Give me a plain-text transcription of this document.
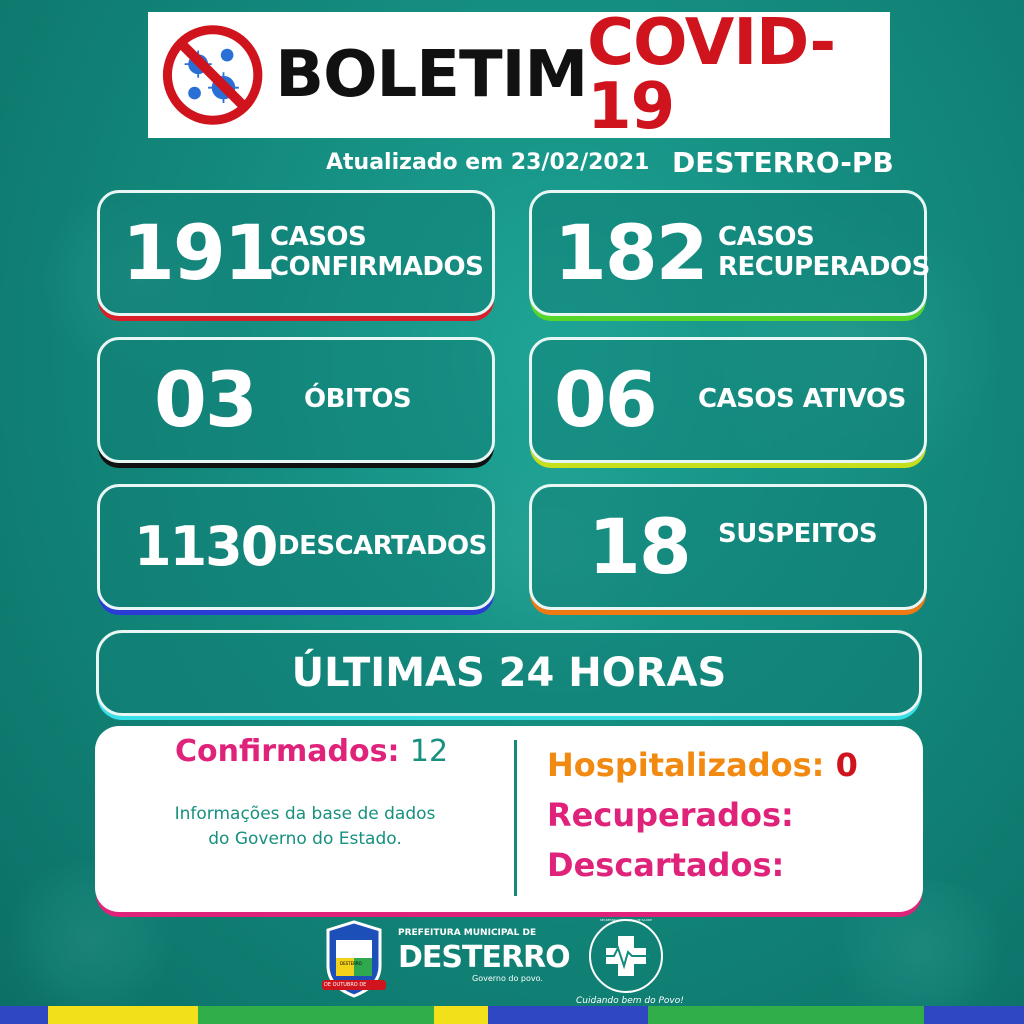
BOLETIM COVID-19
Atualizado em 23/02/2021 DESTERRO-PB
191
CASOS
CONFIRMADOS 182 CASOS
RECUPERADOS
03	ÓBITOS 06	CASOS ATIVOS
1130 DESCARTADOS 18 SUSPEITOS
ÚLTIMAS 24 HORAS
Confirmados: 12
Informações da base de dados
do Governo do Estado.
Hospitalizados: 0
Recuperados:
Descartados:
DE OUTUBRO DE
DESTERRO
PREFEITURA MUNICIPAL DE
DESTERRO
Governo do povo.
SECRETARIA MUNICIPAL DE SAÚDE
Cuidando bem do Povo!
